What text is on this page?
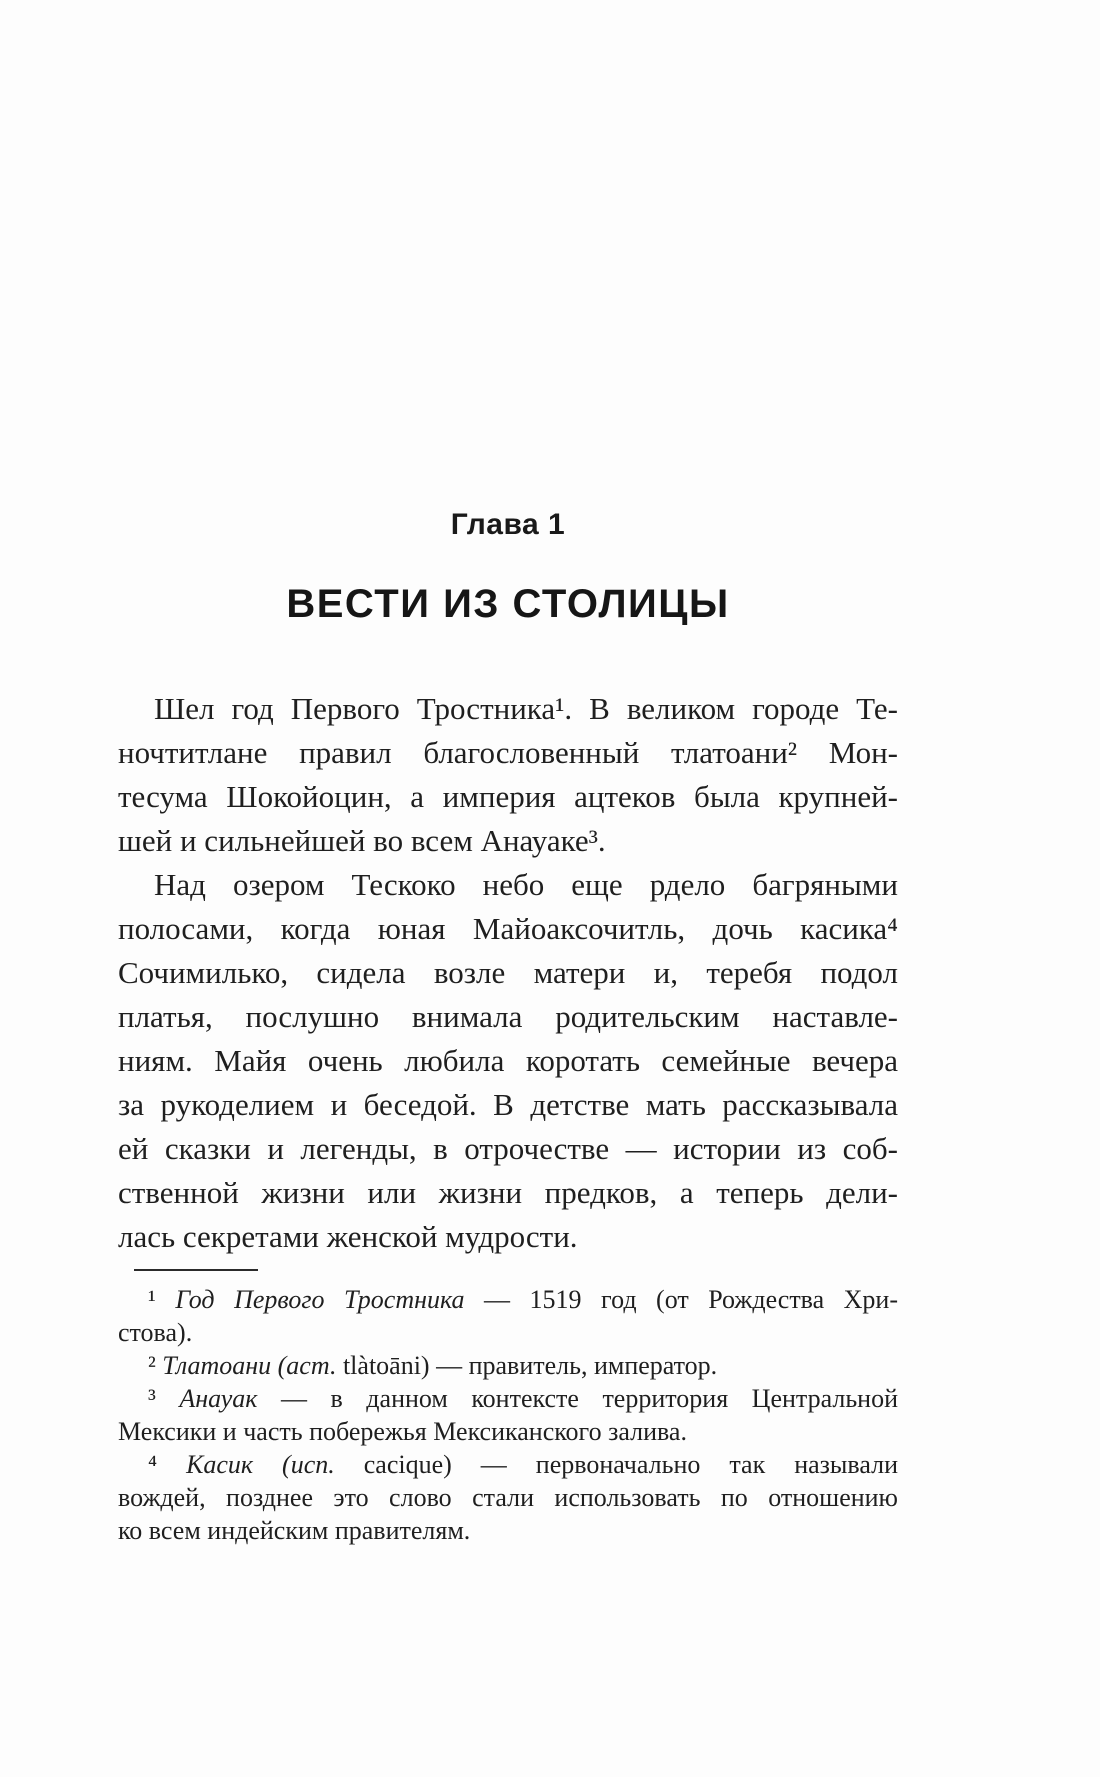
Глава 1
ВЕСТИ ИЗ СТОЛИЦЫ
Шел год Первого Тростника¹. В великом городе Те-
ночтитлане правил благословенный тлатоани² Мон-
тесума Шокойоцин, а империя ацтеков была крупней-
шей и сильнейшей во всем Анауаке³.
Над озером Тескоко небо еще рдело багряными
полосами, когда юная Майоаксочитль, дочь касика⁴
Сочимилько, сидела возле матери и, теребя подол
платья, послушно внимала родительским наставле-
ниям. Майя очень любила коротать семейные вечера
за рукоделием и беседой. В детстве мать рассказывала
ей сказки и легенды, в отрочестве — истории из соб-
ственной жизни или жизни предков, а теперь дели-
лась секретами женской мудрости.
¹ Год Первого Тростника — 1519 год (от Рождества Хри-
стова).
² Тлатоани (аст. tlàtoāni) — правитель, император.
³ Анауак — в данном контексте территория Центральной
Мексики и часть побережья Мексиканского залива.
⁴ Касик (исп. cacique) — первоначально так называли
вождей, позднее это слово стали использовать по отношению
ко всем индейским правителям.
